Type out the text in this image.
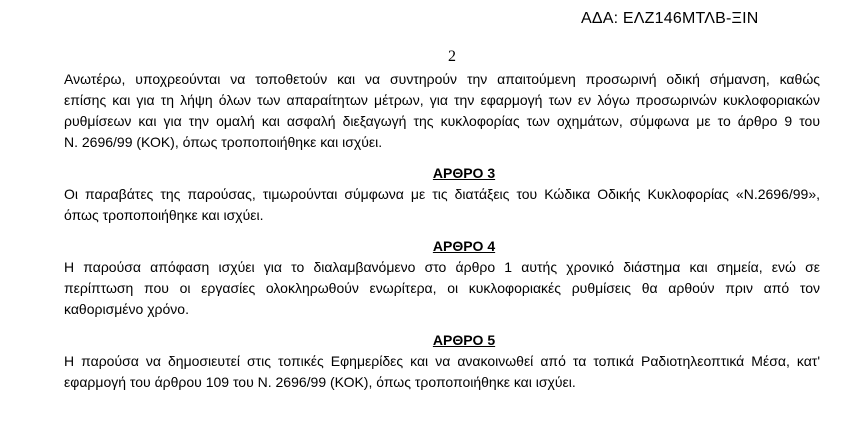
ΑΔΑ: ΕΛΖ146ΜΤΛΒ-ΞΙΝ
2

Ανωτέρω, υποχρεούνται να τοποθετούν και να συντηρούν την απαιτούμενη προσωρινή οδική σήμανση, καθώς
επίσης και για τη λήψη όλων των απαραίτητων μέτρων, για την εφαρμογή των εν λόγω προσωρινών κυκλοφοριακών
ρυθμίσεων και για την ομαλή και ασφαλή διεξαγωγή της κυκλοφορίας των οχημάτων, σύμφωνα με το άρθρο 9 του
Ν. 2696/99 (ΚΟΚ), όπως τροποποιήθηκε και ισχύει.

ΑΡΘΡΟ 3

Οι παραβάτες της παρούσας, τιμωρούνται σύμφωνα με τις διατάξεις του Κώδικα Οδικής Κυκλοφορίας «Ν.2696/99»,
όπως τροποποιήθηκε και ισχύει.

ΑΡΘΡΟ 4

Η παρούσα απόφαση ισχύει για το διαλαμβανόμενο στο άρθρο 1 αυτής χρονικό διάστημα και σημεία, ενώ σε
περίπτωση που οι εργασίες ολοκληρωθούν ενωρίτερα, οι κυκλοφοριακές ρυθμίσεις θα αρθούν πριν από τον
καθορισμένο χρόνο.

ΑΡΘΡΟ 5

Η παρούσα να δημοσιευτεί στις τοπικές Εφημερίδες και να ανακοινωθεί από τα τοπικά Ραδιοτηλεοπτικά Μέσα, κατ'
εφαρμογή του άρθρου 109 του Ν. 2696/99 (ΚΟΚ), όπως τροποποιήθηκε και ισχύει.
